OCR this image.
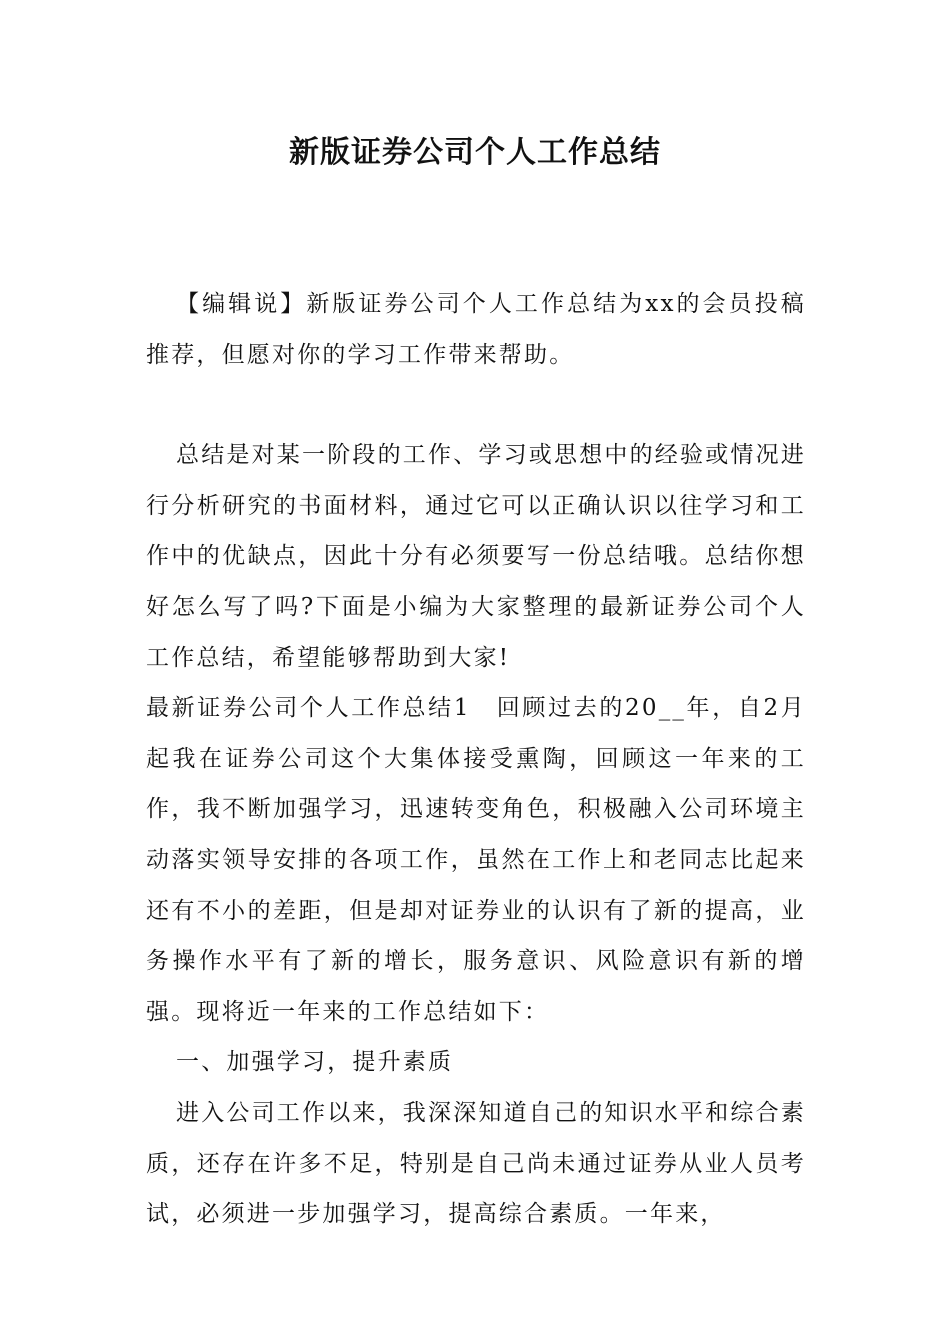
新版证券公司个人工作总结

【编辑说】新版证券公司个人工作总结为xx的会员投稿推荐，但愿对你的学习工作带来帮助。

总结是对某一阶段的工作、学习或思想中的经验或情况进行分析研究的书面材料，通过它可以正确认识以往学习和工作中的优缺点，因此十分有必须要写一份总结哦。总结你想好怎么写了吗?下面是小编为大家整理的最新证券公司个人工作总结，希望能够帮助到大家!

最新证券公司个人工作总结1　回顾过去的20__年，自2月起我在证券公司这个大集体接受熏陶，回顾这一年来的工作，我不断加强学习，迅速转变角色，积极融入公司环境主动落实领导安排的各项工作，虽然在工作上和老同志比起来还有不小的差距，但是却对证券业的认识有了新的提高，业务操作水平有了新的增长，服务意识、风险意识有新的增强。现将近一年来的工作总结如下：

一、加强学习，提升素质

进入公司工作以来，我深深知道自己的知识水平和综合素质，还存在许多不足，特别是自己尚未通过证券从业人员考试，必须进一步加强学习，提高综合素质。一年来，
